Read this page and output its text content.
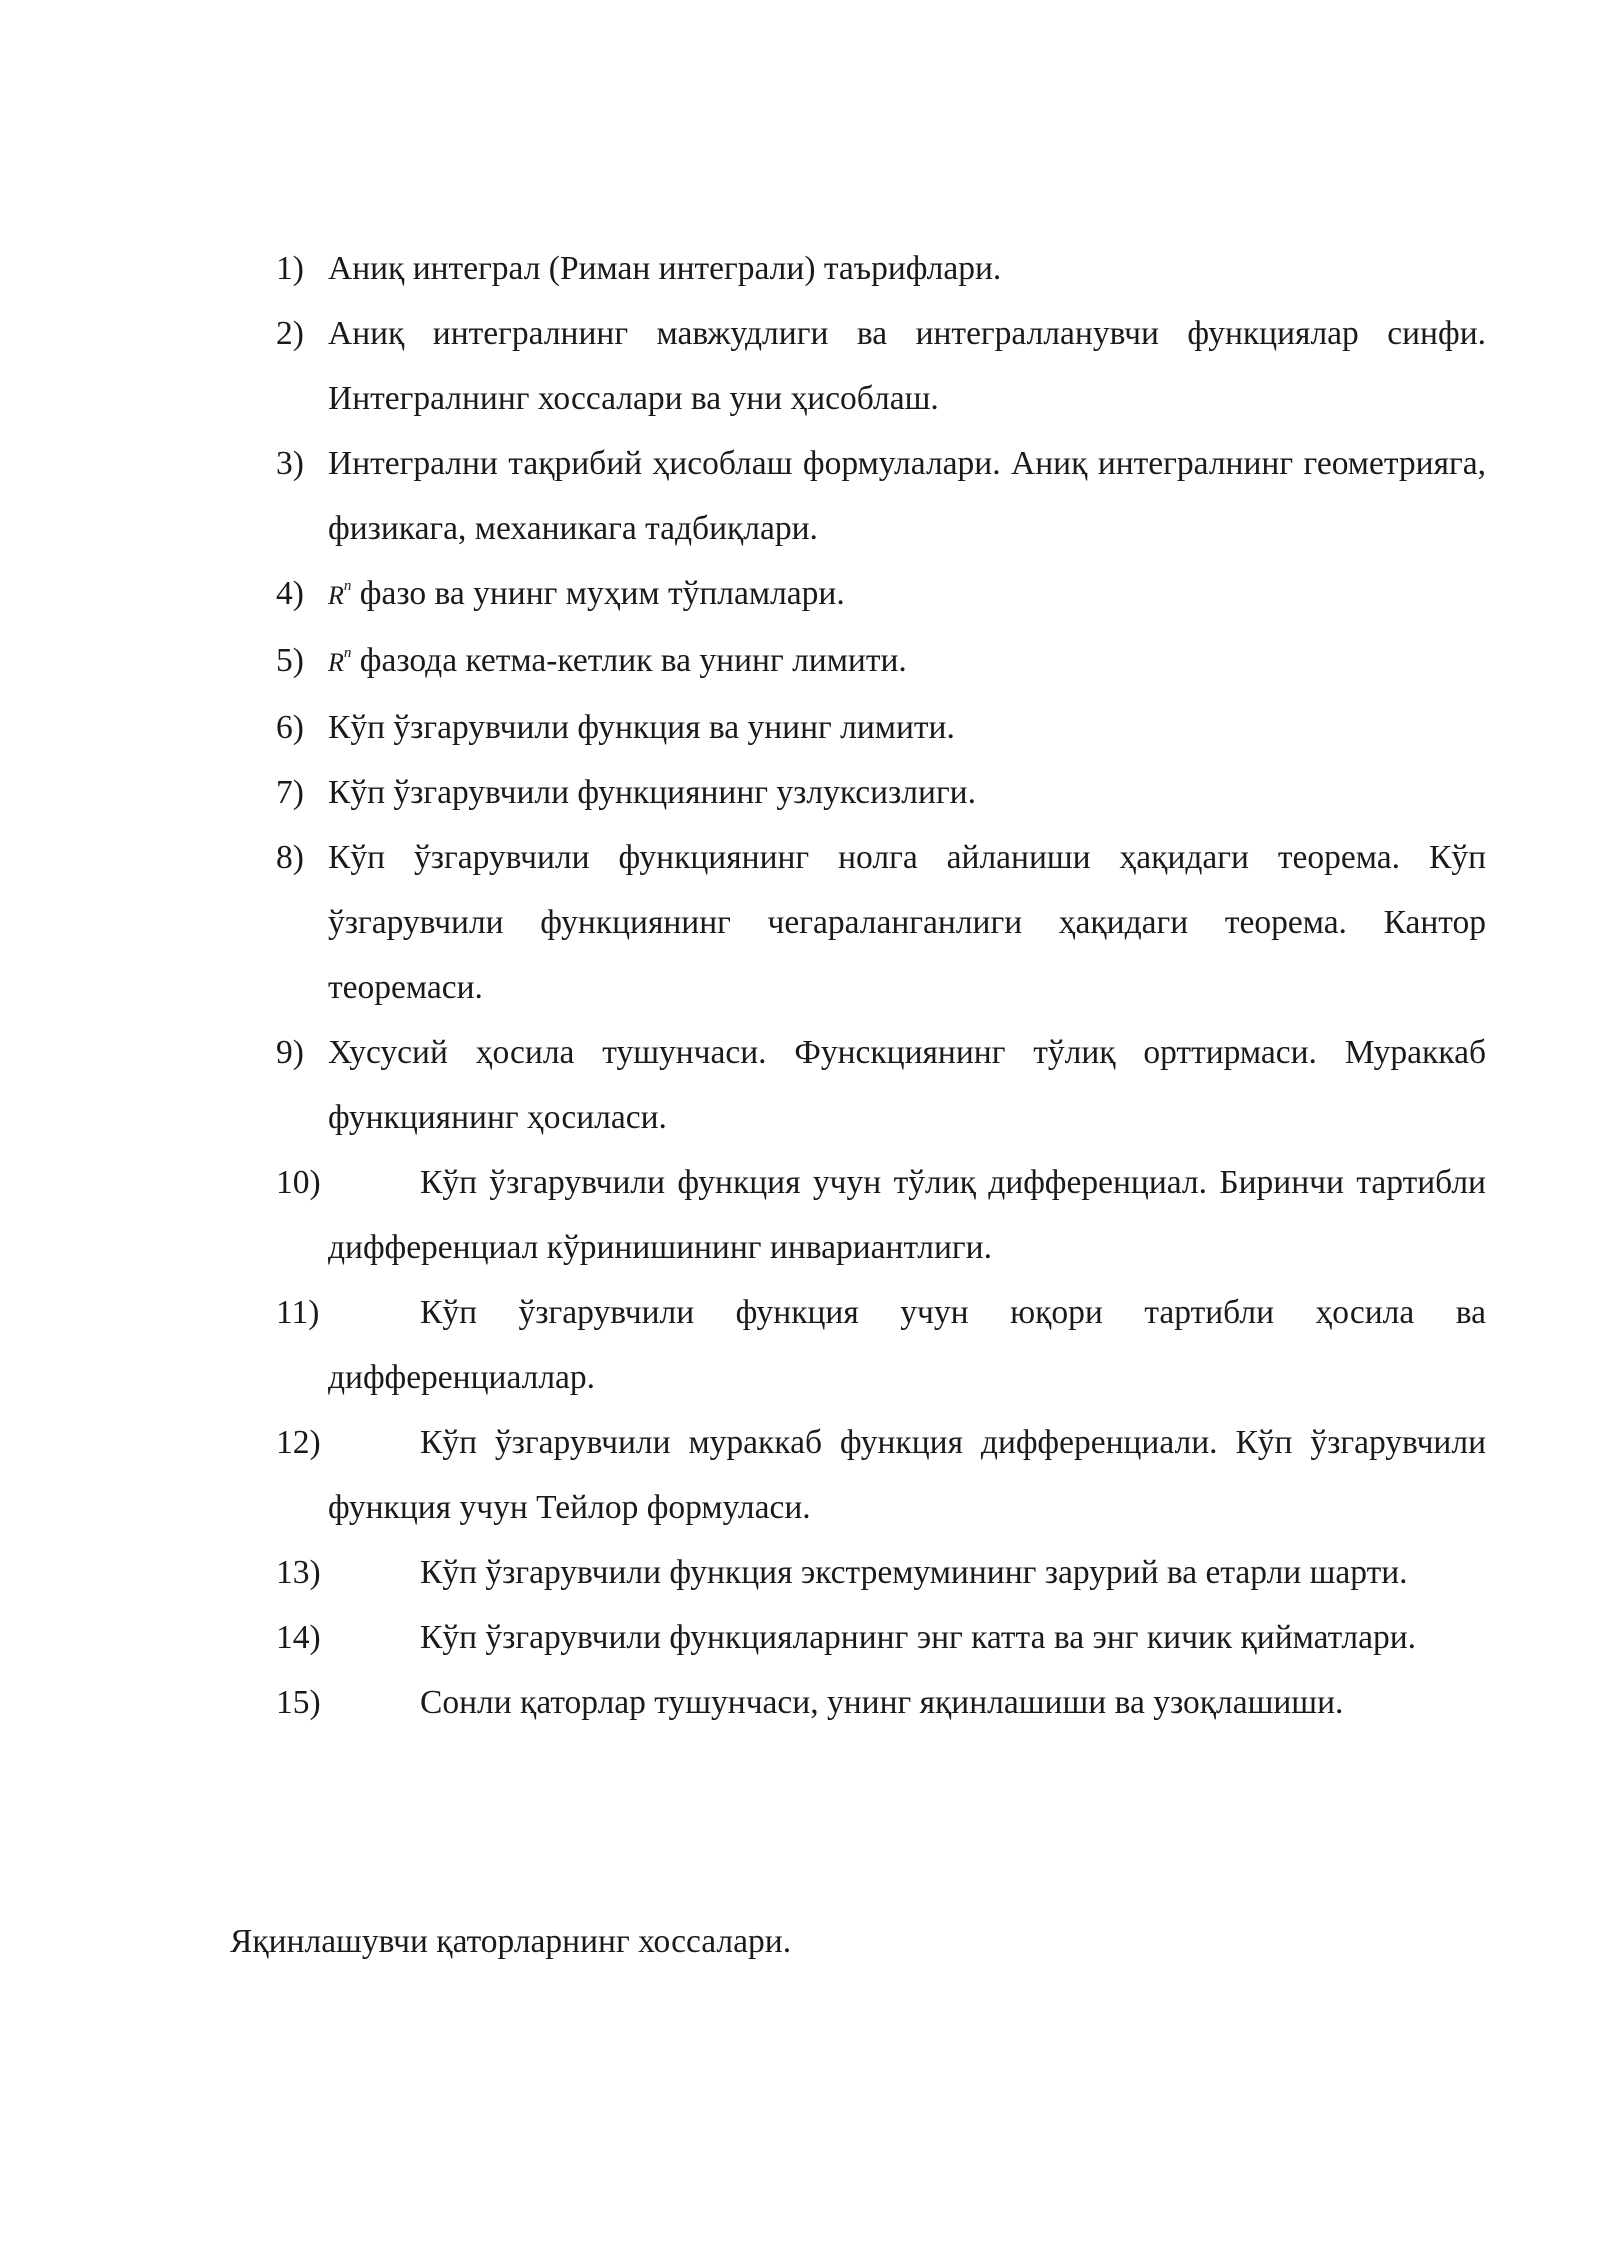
1) Аниқ интеграл (Риман интеграли) таърифлари.
2) Аниқ интегралнинг мавжудлиги ва интегралланувчи функциялар синфи. Интегралнинг хоссалари ва уни ҳисоблаш.
3) Интегрални тақрибий ҳисоблаш формулалари. Аниқ интегралнинг геометрияга, физикага, механикага тадбиқлари.
4) $R^n$ фазо ва унинг муҳим тўпламлари.
5) $R^n$ фазода кетма-кетлик ва унинг лимити.
6) Кўп ўзгарувчили функция ва унинг лимити.
7) Кўп ўзгарувчили функциянинг узлуксизлиги.
8) Кўп ўзгарувчили функциянинг нолга айланиши ҳақидаги теорема. Кўп ўзгарувчили функциянинг чегараланганлиги ҳақидаги теорема. Кантор теоремаси.
9) Хусусий ҳосила тушунчаси. Фунскциянинг тўлиқ орттирмаси. Мураккаб функциянинг ҳосиласи.
10)	Кўп ўзгарувчили функция учун тўлиқ дифференциал. Биринчи тартибли дифференциал кўринишининг инвариантлиги.
11)	Кўп ўзгарувчили функция учун юқори тартибли ҳосила ва дифференциаллар.
12)	Кўп ўзгарувчили мураккаб функция дифференциали. Кўп ўзгарувчили функция учун Тейлор формуласи.
13)	Кўп ўзгарувчили функция экстремумининг зарурий ва етарли шарти.
14)	Кўп ўзгарувчили функцияларнинг энг катта ва энг кичик қийматлари.
15)	Сонли қаторлар тушунчаси, унинг яқинлашиши ва узоқлашиши.

Яқинлашувчи қаторларнинг хоссалари.
